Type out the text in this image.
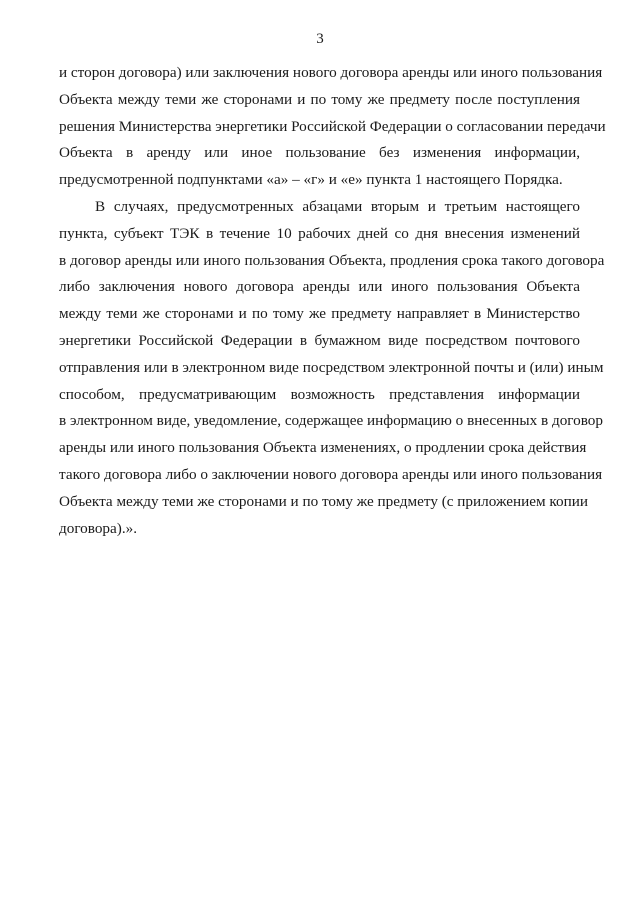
3
и сторон договора) или заключения нового договора аренды или иного пользования
Объекта между теми же сторонами и по тому же предмету после поступления
решения Министерства энергетики Российской Федерации о согласовании передачи
Объекта в аренду или иное пользование без изменения информации,
предусмотренной подпунктами «а» – «г» и «е» пункта 1 настоящего Порядка.
В случаях, предусмотренных абзацами вторым и третьим настоящего
пункта, субъект ТЭК в течение 10 рабочих дней со дня внесения изменений
в договор аренды или иного пользования Объекта, продления срока такого договора
либо заключения нового договора аренды или иного пользования Объекта
между теми же сторонами и по тому же предмету направляет в Министерство
энергетики Российской Федерации в бумажном виде посредством почтового
отправления или в электронном виде посредством электронной почты и (или) иным
способом, предусматривающим возможность представления информации
в электронном виде, уведомление, содержащее информацию о внесенных в договор
аренды или иного пользования Объекта изменениях, о продлении срока действия
такого договора либо о заключении нового договора аренды или иного пользования
Объекта между теми же сторонами и по тому же предмету (с приложением копии
договора).».
